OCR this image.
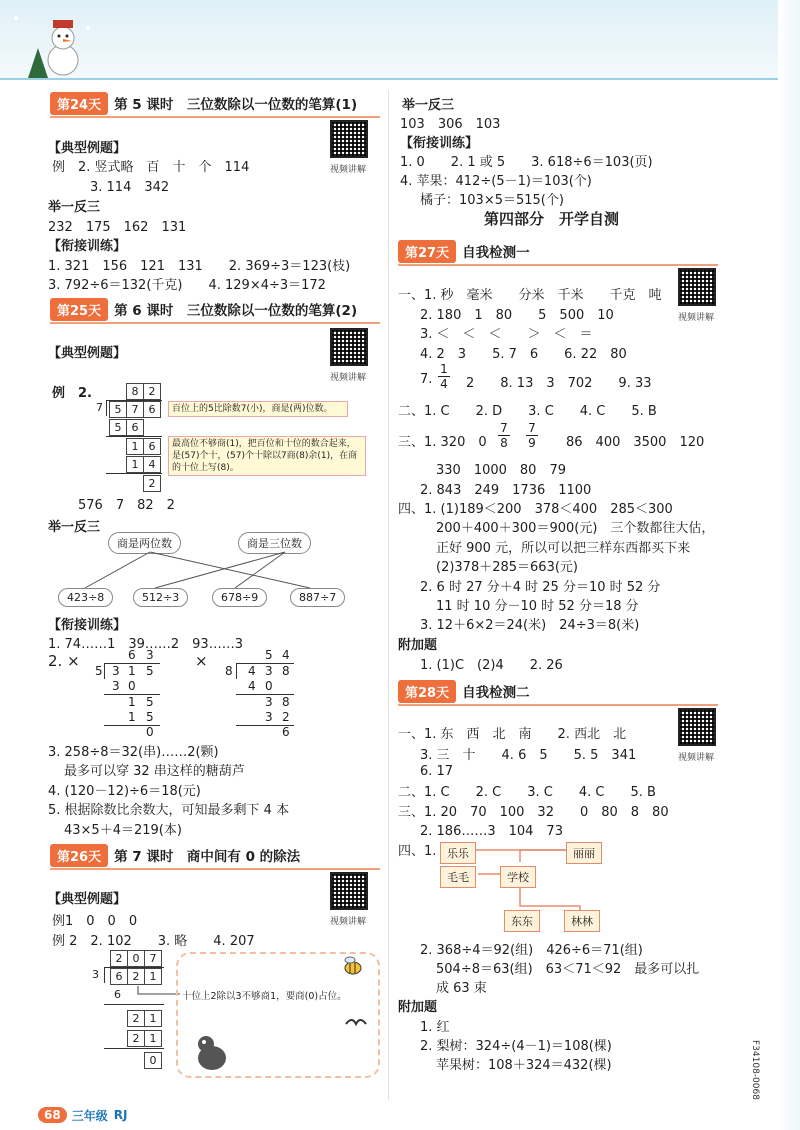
第24天 第 5 课时　三位数除以一位数的笔算(1)
视频讲解
【典型例题】
例　2. 竖式略　百　十　个　114
3. 114　342
举一反三
232　175　162　131
【衔接训练】
1. 321　156　121　131　　2. 369÷3＝123(枝)
3. 792÷6＝132(千克)　　4. 129×4÷3＝172
第25天 第 6 课时　三位数除以一位数的笔算(2)
视频讲解
【典型例题】
例　2.	8 2
7	5 7 6
5 6
1 6
1 4
2
百位上的5比除数7(小)，商是(两)位数。
最高位不够商(1)，把百位和十位的数合起来，是(57)个十，(57)个十除以7商(8)余(1)，在商的十位上写(8)。
576　7　82　2
举一反三
商是两位数	商是三位数
423÷8	512÷3	678÷9	887÷7
【衔接训练】
1. 74……1　39……2　93……3
2. ×	×
6 3
5 3 1 5
3 0
1 5
1 5
0
5 4
8 4 3 8
4 0
3 8
3 2
6
3. 258÷8＝32(串)……2(颗)
最多可以穿 32 串这样的糖葫芦
4. (120－12)÷6＝18(元)
5. 根据除数比余数大，可知最多剩下 4 本
43×5＋4＝219(本)
第26天 第 7 课时　商中间有 0 的除法
视频讲解
【典型例题】
例1　0　0　0
例 2　2. 102　　3. 略　　4. 207
2 0 7
3	6 2 1
6
2 1
2 1
0
十位上2除以3不够商1，要商(0)占位。
68 三年级 RJ
举一反三
103　306　103
【衔接训练】
1. 0　　2. 1 或 5　　3. 618÷6＝103(页)
4. 苹果：412÷(5－1)＝103(个)
橘子：103×5＝515(个)
第四部分　开学自测
第27天 自我检测一
视频讲解
一、1. 秒　毫米　　分米　千米　　千克　吨
2. 180　1　80　　5　500　10
3. ＜　＜　＜　　＞　＜　＝
4. 2　3　　5. 7　6　　6. 22　80
7.
1
4 2　　8. 13　3　702　　9. 33
二、1. C　　2. D　　3. C　　4. C　　5. B
三、1. 320　0
7
8
7
9 86　400　3500　120
330　1000　80　79
2. 843　249　1736　1100
四、1. (1)189＜200　378＜400　285＜300
200＋400＋300＝900(元)　三个数都往大估，
正好 900 元，所以可以把三样东西都买下来
(2)378＋285＝663(元)
2. 6 时 27 分＋4 时 25 分＝10 时 52 分
11 时 10 分－10 时 52 分＝18 分
3. 12＋6×2＝24(米)　24÷3＝8(米)
附加题
1. (1)C　(2)4　　2. 26
第28天 自我检测二
视频讲解
一、1. 东　西　北　南　　2. 西北　北
3. 三　十　　4. 6　5　　5. 5　341
6. 17
二、1. C　　2. C　　3. C　　4. C　　5. B
三、1. 20　70　100　32　　0　80　8　80
2. 186……3　104　73
四、1. 乐乐	丽丽
毛毛	学校
东东	林林
2. 368÷4＝92(组)　426÷6＝71(组)
504÷8＝63(组)　63＜71＜92　最多可以扎
成 63 束
附加题
1. 红
2. 梨树：324÷(4－1)＝108(棵)
苹果树：108＋324＝432(棵)	F34108-0068
